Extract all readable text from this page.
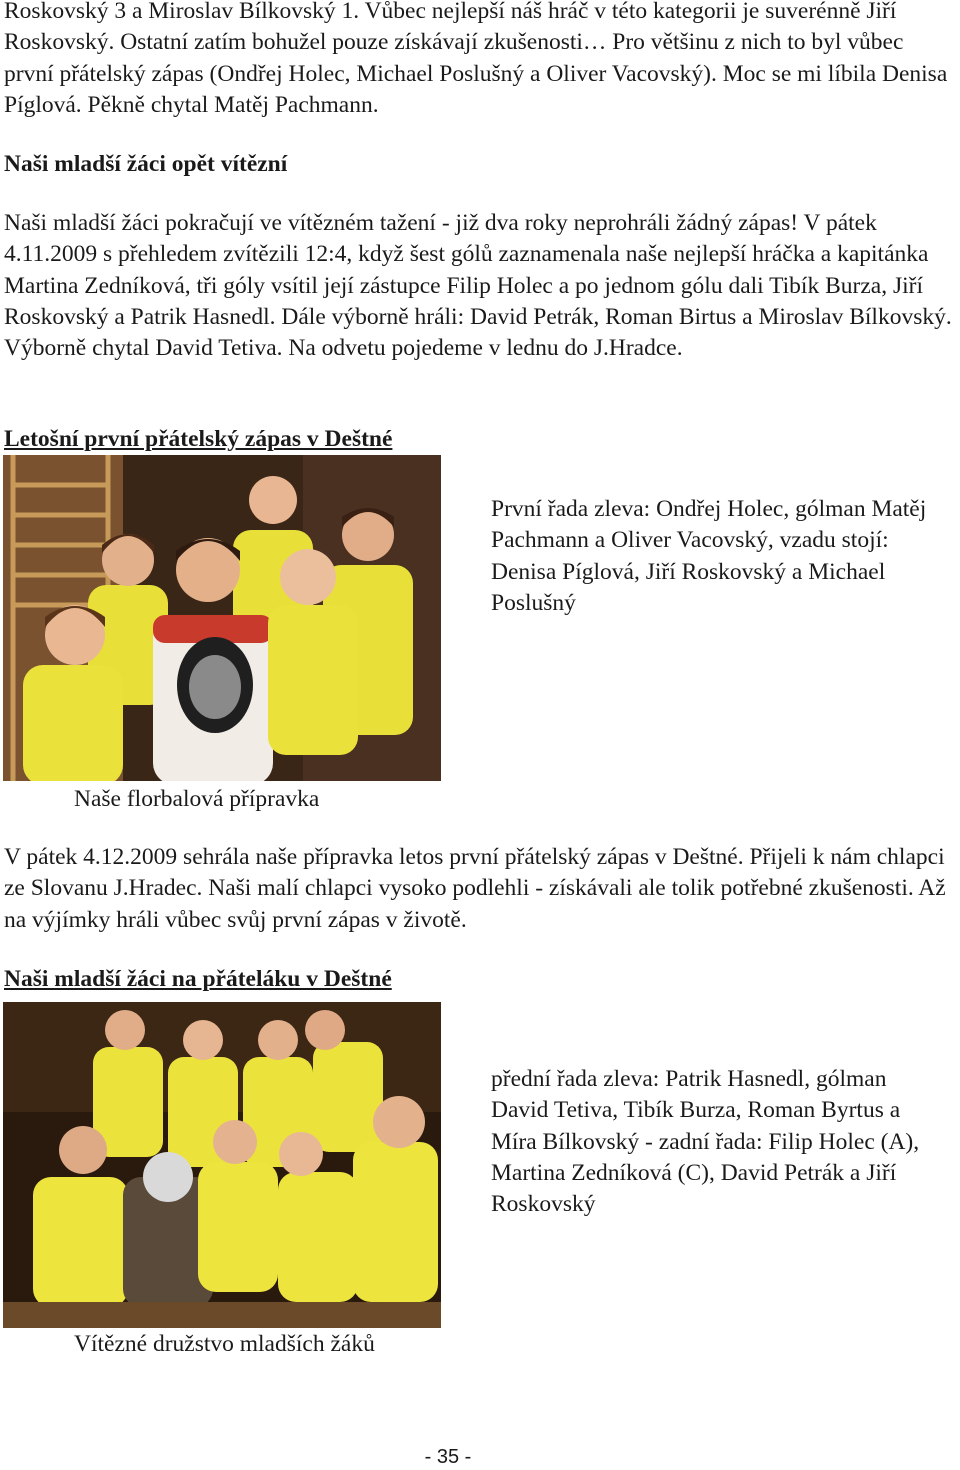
Roskovský 3 a Miroslav Bílkovský 1. Vůbec nejlepší náš hráč v této kategorii je suverénně Jiří Roskovský. Ostatní zatím bohužel pouze získávají zkušenosti… Pro většinu z nich to byl vůbec první přátelský zápas (Ondřej Holec, Michael Poslušný a Oliver Vacovský). Moc se mi líbila Denisa Píglová. Pěkně chytal Matěj Pachmann.

Naši mladší žáci opět vítězní

Naši mladší žáci pokračují ve vítězném tažení - již dva roky neprohráli žádný zápas! V pátek 4.11.2009 s přehledem zvítězili 12:4, když šest gólů zaznamenala naše nejlepší hráčka a kapitánka Martina Zedníková, tři góly vsítil její zástupce Filip Holec a po jednom gólu dali Tibík Burza, Jiří Roskovský a Patrik Hasnedl. Dále výborně hráli: David Petrák, Roman Birtus a Miroslav Bílkovský. Výborně chytal David Tetiva. Na odvetu pojedeme v lednu do J.Hradce.

Letošní první přátelský zápas v Deštné

První řada zleva: Ondřej Holec, gólman Matěj Pachmann a Oliver Vacovský, vzadu stojí: Denisa Píglová, Jiří Roskovský a Michael Poslušný

Naše florbalová přípravka

V pátek 4.12.2009 sehrála naše přípravka letos první přátelský zápas v Deštné. Přijeli k nám chlapci ze Slovanu J.Hradec. Naši malí chlapci vysoko podlehli - získávali ale tolik potřebné zkušenosti. Až na výjímky hráli vůbec svůj první zápas v životě.

Naši mladší žáci na přáteláku v Deštné

přední řada zleva: Patrik Hasnedl, gólman David Tetiva, Tibík Burza, Roman Byrtus a Míra Bílkovský - zadní řada: Filip Holec (A), Martina Zedníková (C), David Petrák a Jiří Roskovský

Vítězné družstvo mladších žáků

- 35 -
